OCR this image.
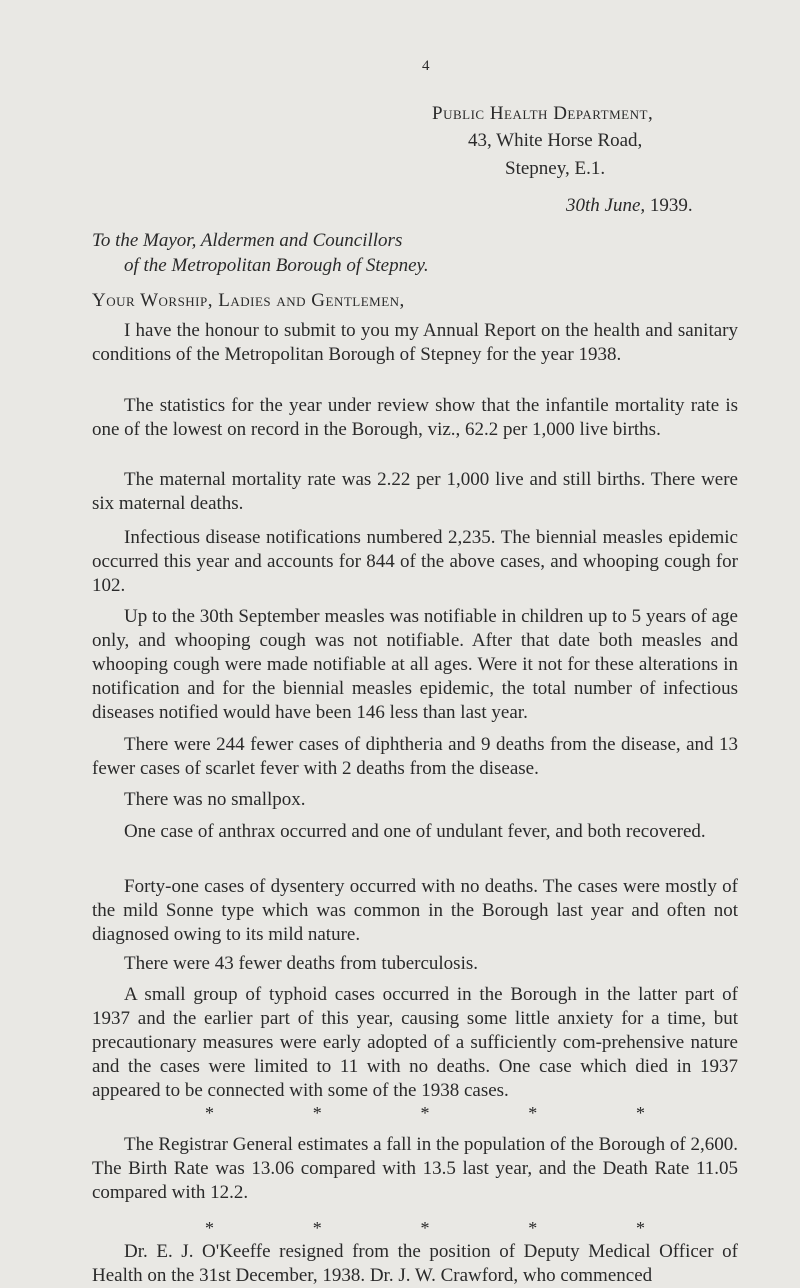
4
Public Health Department,
43, White Horse Road,
Stepney, E.1.
30th June, 1939.
To the Mayor, Aldermen and Councillors
of the Metropolitan Borough of Stepney.
Your Worship, Ladies and Gentlemen,

I have the honour to submit to you my Annual Report on the health and sanitary conditions of the Metropolitan Borough of Stepney for the year 1938.

The statistics for the year under review show that the infantile mortality rate is one of the lowest on record in the Borough, viz., 62.2 per 1,000 live births.

The maternal mortality rate was 2.22 per 1,000 live and still births. There were six maternal deaths.

Infectious disease notifications numbered 2,235. The biennial measles epidemic occurred this year and accounts for 844 of the above cases, and whooping cough for 102.

Up to the 30th September measles was notifiable in children up to 5 years of age only, and whooping cough was not notifiable. After that date both measles and whooping cough were made notifiable at all ages. Were it not for these alterations in notification and for the biennial measles epidemic, the total number of infectious diseases notified would have been 146 less than last year.

There were 244 fewer cases of diphtheria and 9 deaths from the disease, and 13 fewer cases of scarlet fever with 2 deaths from the disease.

There was no smallpox.

One case of anthrax occurred and one of undulant fever, and both recovered.

Forty-one cases of dysentery occurred with no deaths. The cases were mostly of the mild Sonne type which was common in the Borough last year and often not diagnosed owing to its mild nature.

There were 43 fewer deaths from tuberculosis.

A small group of typhoid cases occurred in the Borough in the latter part of 1937 and the earlier part of this year, causing some little anxiety for a time, but precautionary measures were early adopted of a sufficiently com-prehensive nature and the cases were limited to 11 with no deaths. One case which died in 1937 appeared to be connected with some of the 1938 cases.

*	*	*	*	*

The Registrar General estimates a fall in the population of the Borough of 2,600. The Birth Rate was 13.06 compared with 13.5 last year, and the Death Rate 11.05 compared with 12.2.

*	*	*	*	*

Dr. E. J. O'Keeffe resigned from the position of Deputy Medical Officer of Health on the 31st December, 1938. Dr. J. W. Crawford, who commenced
